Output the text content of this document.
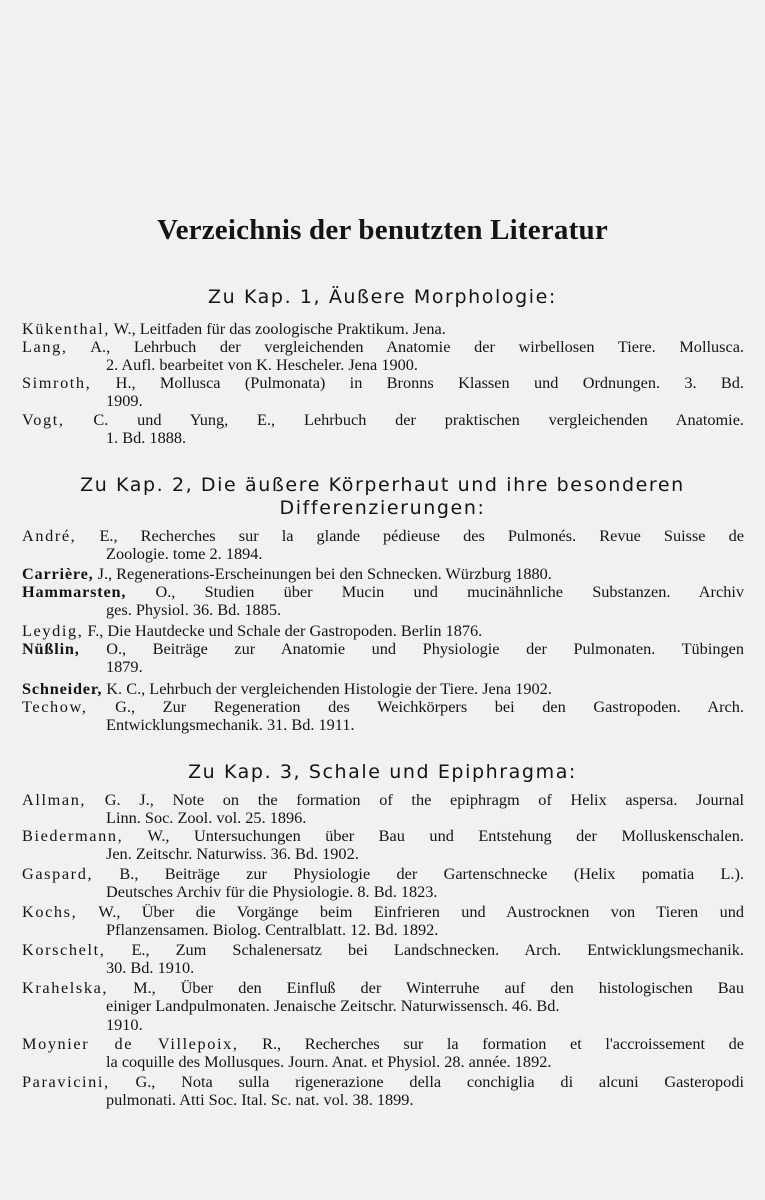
Verzeichnis der benutzten Literatur
Zu Kap. 1, Äußere Morphologie:
Kükenthal, W., Leitfaden für das zoologische Praktikum. Jena.
Lang, A., Lehrbuch der vergleichenden Anatomie der wirbellosen Tiere. Mollusca.
2. Aufl. bearbeitet von K. Hescheler. Jena 1900.
Simroth, H., Mollusca (Pulmonata) in Bronns Klassen und Ordnungen. 3. Bd.
1909.
Vogt, C. und Yung, E., Lehrbuch der praktischen vergleichenden Anatomie.
1. Bd. 1888.
Zu Kap. 2, Die äußere Körperhaut und ihre besonderen
Differenzierungen:
André, E., Recherches sur la glande pédieuse des Pulmonés. Revue Suisse de
Zoologie. tome 2. 1894.
Carrière, J., Regenerations-Erscheinungen bei den Schnecken. Würzburg 1880.
Hammarsten, O., Studien über Mucin und mucinähnliche Substanzen. Archiv
ges. Physiol. 36. Bd. 1885.
Leydig, F., Die Hautdecke und Schale der Gastropoden. Berlin 1876.
Nüßlin, O., Beiträge zur Anatomie und Physiologie der Pulmonaten. Tübingen
1879.
Schneider, K. C., Lehrbuch der vergleichenden Histologie der Tiere. Jena 1902.
Techow, G., Zur Regeneration des Weichkörpers bei den Gastropoden. Arch.
Entwicklungsmechanik. 31. Bd. 1911.
Zu Kap. 3, Schale und Epiphragma:
Allman, G. J., Note on the formation of the epiphragm of Helix aspersa. Journal
Linn. Soc. Zool. vol. 25. 1896.
Biedermann, W., Untersuchungen über Bau und Entstehung der Molluskenschalen.
Jen. Zeitschr. Naturwiss. 36. Bd. 1902.
Gaspard, B., Beiträge zur Physiologie der Gartenschnecke (Helix pomatia L.).
Deutsches Archiv für die Physiologie. 8. Bd. 1823.
Kochs, W., Über die Vorgänge beim Einfrieren und Austrocknen von Tieren und
Pflanzensamen. Biolog. Centralblatt. 12. Bd. 1892.
Korschelt, E., Zum Schalenersatz bei Landschnecken. Arch. Entwicklungsmechanik.
30. Bd. 1910.
Krahelska, M., Über den Einfluß der Winterruhe auf den histologischen Bau
einiger Landpulmonaten. Jenaische Zeitschr. Naturwissensch. 46. Bd.
1910.
Moynier de Villepoix, R., Recherches sur la formation et l'accroissement de
la coquille des Mollusques. Journ. Anat. et Physiol. 28. année. 1892.
Paravicini, G., Nota sulla rigenerazione della conchiglia di alcuni Gasteropodi
pulmonati. Atti Soc. Ital. Sc. nat. vol. 38. 1899.
